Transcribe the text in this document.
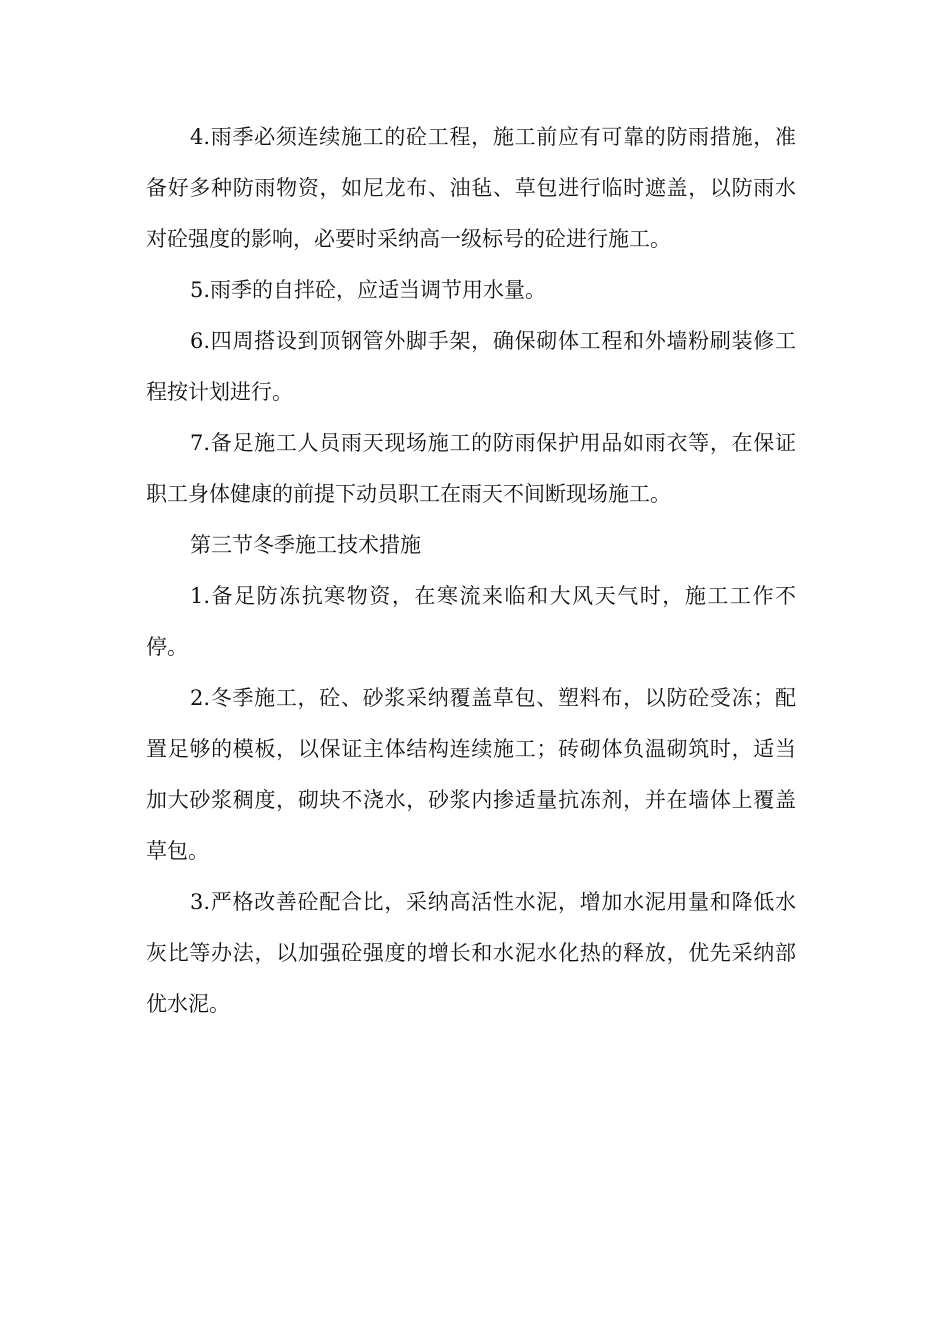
4.雨季必须连续施工的砼工程，施工前应有可靠的防雨措施，准备好多种防雨物资，如尼龙布、油毡、草包进行临时遮盖，以防雨水对砼强度的影响，必要时采纳高一级标号的砼进行施工。

5.雨季的自拌砼，应适当调节用水量。

6.四周搭设到顶钢管外脚手架，确保砌体工程和外墙粉刷装修工程按计划进行。

7.备足施工人员雨天现场施工的防雨保护用品如雨衣等，在保证职工身体健康的前提下动员职工在雨天不间断现场施工。

第三节冬季施工技术措施

1.备足防冻抗寒物资，在寒流来临和大风天气时，施工工作不停。

2.冬季施工，砼、砂浆采纳覆盖草包、塑料布，以防砼受冻；配置足够的模板，以保证主体结构连续施工；砖砌体负温砌筑时，适当加大砂浆稠度，砌块不浇水，砂浆内掺适量抗冻剂，并在墙体上覆盖草包。

3.严格改善砼配合比，采纳高活性水泥，增加水泥用量和降低水灰比等办法，以加强砼强度的增长和水泥水化热的释放，优先采纳部优水泥。
